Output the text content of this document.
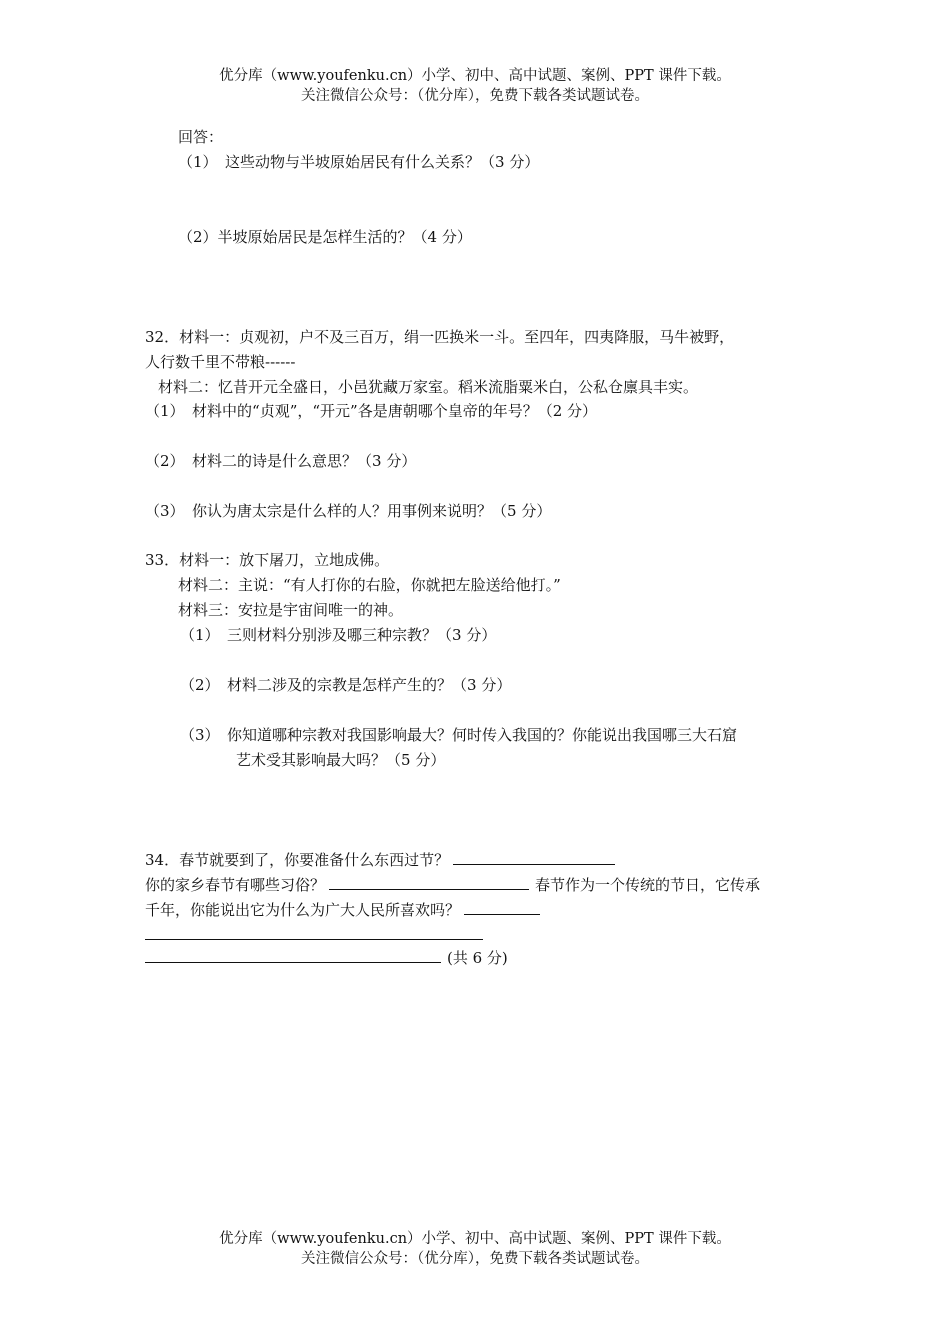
优分库（www.youfenku.cn）小学、初中、高中试题、案例、PPT 课件下载。
关注微信公众号：（优分库），免费下载各类试题试卷。
回答：
（1）　这些动物与半坡原始居民有什么关系？（3 分）
（2）半坡原始居民是怎样生活的？（4 分）
32．材料一：贞观初，户不及三百万，绢一匹换米一斗。至四年，四夷降服，马牛被野，
人行数千里不带粮------
材料二：忆昔开元全盛日，小邑犹藏万家室。稻米流脂粟米白，公私仓廪具丰实。
（1）　材料中的“贞观”，“开元”各是唐朝哪个皇帝的年号？（2 分）
（2）　材料二的诗是什么意思？（3 分）
（3）　你认为唐太宗是什么样的人？用事例来说明？（5 分）
33．材料一：放下屠刀，立地成佛。
材料二：主说：“有人打你的右脸，你就把左脸送给他打。”
材料三：安拉是宇宙间唯一的神。
（1）　三则材料分别涉及哪三种宗教？（3 分）
（2）　材料二涉及的宗教是怎样产生的？（3 分）
（3）　你知道哪种宗教对我国影响最大？何时传入我国的？你能说出我国哪三大石窟
艺术受其影响最大吗？（5 分）
34．春节就要到了，你要准备什么东西过节？
你的家乡春节有哪些习俗？	春节作为一个传统的节日，它传承
千年，你能说出它为什么为广大人民所喜欢吗？
(共 6 分)
优分库（www.youfenku.cn）小学、初中、高中试题、案例、PPT 课件下载。
关注微信公众号：（优分库），免费下载各类试题试卷。
